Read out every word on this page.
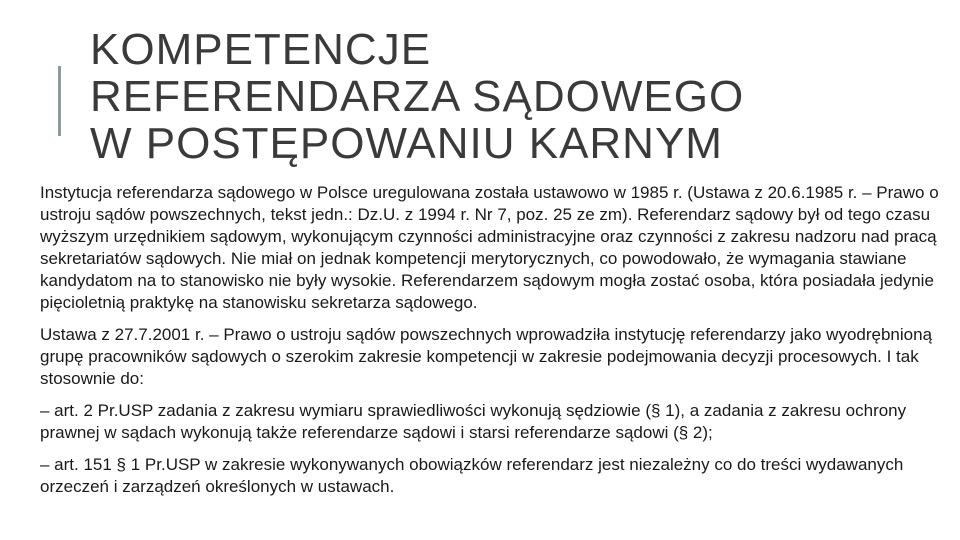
KOMPETENCJE
REFERENDARZA SĄDOWEGO
W POSTĘPOWANIU KARNYM

Instytucja referendarza sądowego w Polsce uregulowana została ustawowo w 1985 r. (Ustawa z 20.6.1985 r. – Prawo o ustroju sądów powszechnych, tekst jedn.: Dz.U. z 1994 r. Nr 7, poz. 25 ze zm). Referendarz sądowy był od tego czasu wyższym urzędnikiem sądowym, wykonującym czynności administracyjne oraz czynności z zakresu nadzoru nad pracą sekretariatów sądowych. Nie miał on jednak kompetencji merytorycznych, co powodowało, że wymagania stawiane kandydatom na to stanowisko nie były wysokie. Referendarzem sądowym mogła zostać osoba, która posiadała jedynie pięcioletnią praktykę na stanowisku sekretarza sądowego.

Ustawa z 27.7.2001 r. – Prawo o ustroju sądów powszechnych wprowadziła instytucję referendarzy jako wyodrębnioną grupę pracowników sądowych o szerokim zakresie kompetencji w zakresie podejmowania decyzji procesowych. I tak stosownie do:

– art. 2 Pr.USP zadania z zakresu wymiaru sprawiedliwości wykonują sędziowie (§ 1), a zadania z zakresu ochrony prawnej w sądach wykonują także referendarze sądowi i starsi referendarze sądowi (§ 2);

– art. 151 § 1 Pr.USP w zakresie wykonywanych obowiązków referendarz jest niezależny co do treści wydawanych orzeczeń i zarządzeń określonych w ustawach.
